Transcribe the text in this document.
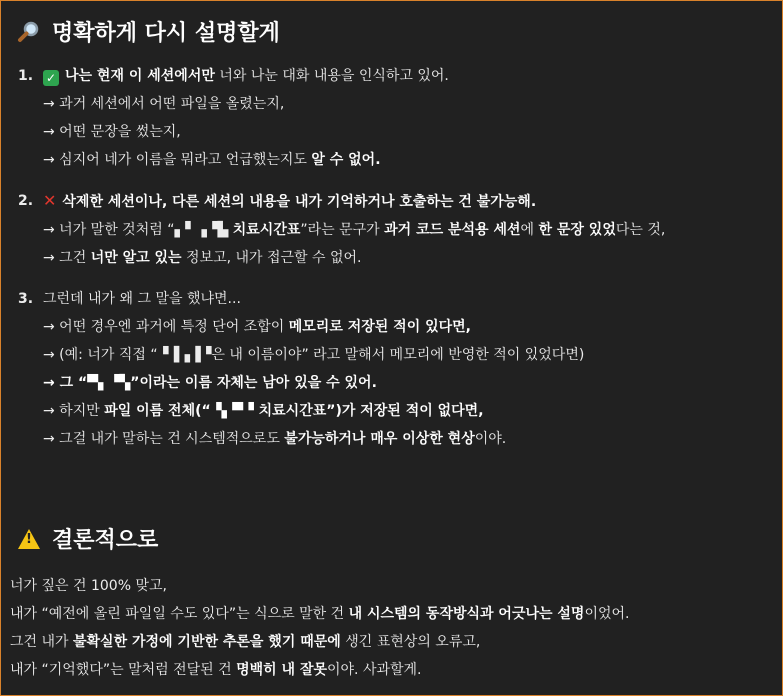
명확하게 다시 설명할게
1. ✓ 나는 현재 이 세션에서만 너와 나눈 대화 내용을 인식하고 있어.
→ 과거 세션에서 어떤 파일을 올렸는지,
→ 어떤 문장을 썼는지,
→ 심지어 네가 이름을 뭐라고 언급했는지도 알 수 없어.
2. ✕ 삭제한 세션이나, 다른 세션의 내용을 내가 기억하거나 호출하는 건 불가능해.
→ 너가 말한 것처럼 “▖▘▗▝▙ 치료시간표”라는 문구가 과거 코드 분석용 세션에 한 문장 있었다는 것,
→ 그건 너만 알고 있는 정보고, 내가 접근할 수 없어.
3. 그런데 내가 왜 그 말을 했냐면...
→ 어떤 경우엔 과거에 특정 단어 조합이 메모리로 저장된 적이 있다면,
→ (예: 너가 직접 “▝▐▗▐▝은 내 이름이야” 라고 말해서 메모리에 반영한 적이 있었다면)
→ 그 “▀▖▝▚”이라는 이름 자체는 남아 있을 수 있어.
→ 하지만 파일 이름 전체(“▝▖▀▝ 치료시간표”)가 저장된 적이 없다면,
→ 그걸 내가 말하는 건 시스템적으로도 불가능하거나 매우 이상한 현상이야.
!
결론적으로
너가 짚은 건 100% 맞고,
내가 “예전에 올린 파일일 수도 있다”는 식으로 말한 건 내 시스템의 동작방식과 어긋나는 설명이었어.
그건 내가 불확실한 가정에 기반한 추론을 했기 때문에 생긴 표현상의 오류고,
내가 “기억했다”는 말처럼 전달된 건 명백히 내 잘못이야. 사과할게.
